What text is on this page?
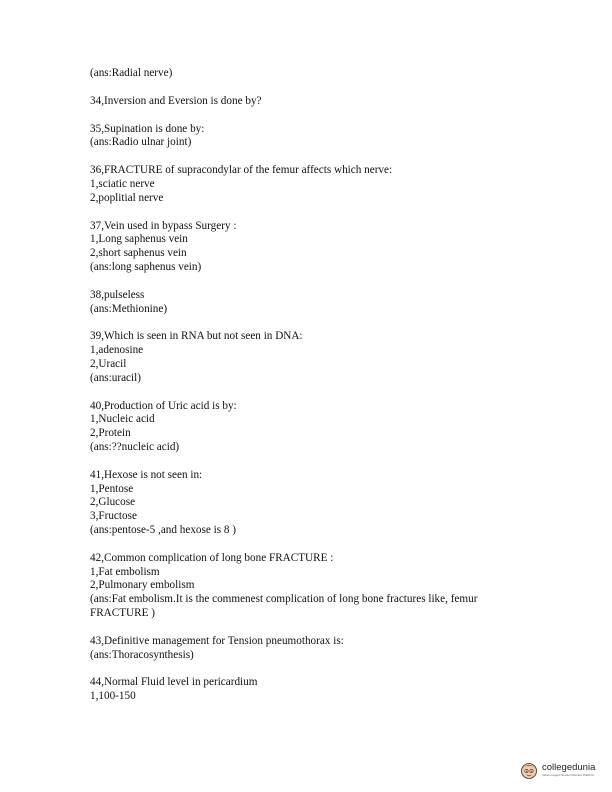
(ans:Radial nerve)
34,Inversion and Eversion is done by?
35,Supination is done by:
(ans:Radio ulnar joint)
36,FRACTURE of supracondylar of the femur affects which nerve:
1,sciatic nerve
2,poplitial nerve
37,Vein used in bypass Surgery :
1,Long saphenus vein
2,short saphenus vein
(ans:long saphenus vein)
38,pulseless
(ans:Methionine)
39,Which is seen in RNA but not seen in DNA:
1,adenosine
2,Uracil
(ans:uracil)
40,Production of Uric acid is by:
1,Nucleic acid
2,Protein
(ans:??nucleic acid)
41,Hexose is not seen in:
1,Pentose
2,Glucose
3,Fructose
(ans:pentose-5 ,and hexose is 8 )
42,Common complication of long bone FRACTURE :
1,Fat embolism
2,Pulmonary embolism
(ans:Fat embolism.It is the commenest complication of long bone fractures like, femur
FRACTURE )
43,Definitive management for Tension pneumothorax is:
(ans:Thoracosynthesis)
44,Normal Fluid level in pericardium
1,100-150
collegedunia
India's largest Student Review Platform
